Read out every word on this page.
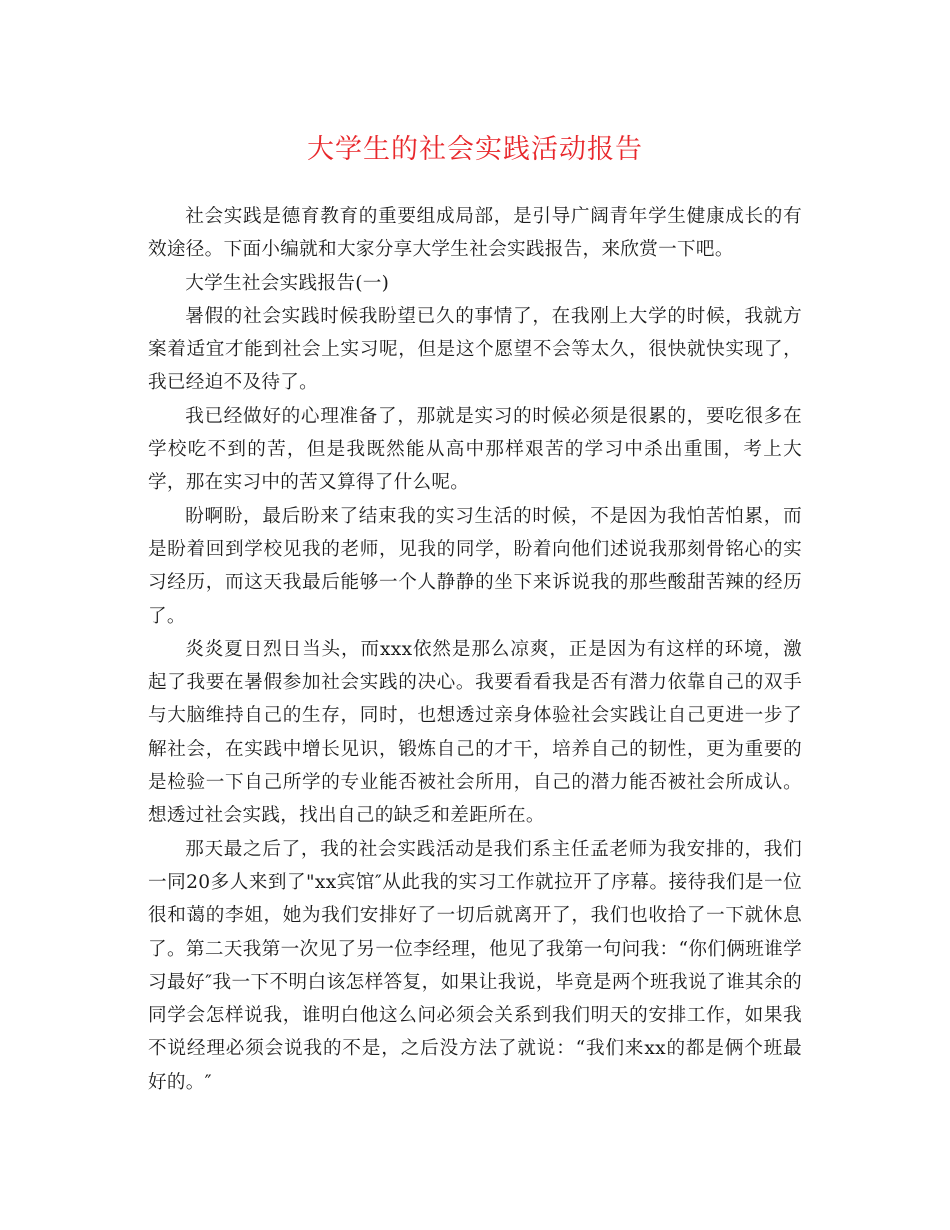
大学生的社会实践活动报告

社会实践是德育教育的重要组成局部，是引导广阔青年学生健康成长的有效途径。下面小编就和大家分享大学生社会实践报告，来欣赏一下吧。

大学生社会实践报告(一)

暑假的社会实践时候我盼望已久的事情了，在我刚上大学的时候，我就方案着适宜才能到社会上实习呢，但是这个愿望不会等太久，很快就快实现了，我已经迫不及待了。

我已经做好的心理准备了，那就是实习的时候必须是很累的，要吃很多在学校吃不到的苦，但是我既然能从高中那样艰苦的学习中杀出重围，考上大学，那在实习中的苦又算得了什么呢。

盼啊盼，最后盼来了结束我的实习生活的时候，不是因为我怕苦怕累，而是盼着回到学校见我的老师，见我的同学，盼着向他们述说我那刻骨铭心的实习经历，而这天我最后能够一个人静静的坐下来诉说我的那些酸甜苦辣的经历了。

炎炎夏日烈日当头，而xxx依然是那么凉爽，正是因为有这样的环境，激起了我要在暑假参加社会实践的决心。我要看看我是否有潜力依靠自己的双手与大脑维持自己的生存，同时，也想透过亲身体验社会实践让自己更进一步了解社会，在实践中增长见识，锻炼自己的才干，培养自己的韧性，更为重要的是检验一下自己所学的专业能否被社会所用，自己的潜力能否被社会所成认。想透过社会实践，找出自己的缺乏和差距所在。

那天最之后了，我的社会实践活动是我们系主任孟老师为我安排的，我们一同20多人来到了"xx宾馆″从此我的实习工作就拉开了序幕。接待我们是一位很和蔼的李姐，她为我们安排好了一切后就离开了，我们也收拾了一下就休息了。第二天我第一次见了另一位李经理，他见了我第一句问我：“你们俩班谁学习最好″我一下不明白该怎样答复，如果让我说，毕竟是两个班我说了谁其余的同学会怎样说我，谁明白他这么问必须会关系到我们明天的安排工作，如果我不说经理必须会说我的不是，之后没方法了就说：“我们来xx的都是俩个班最好的。″
